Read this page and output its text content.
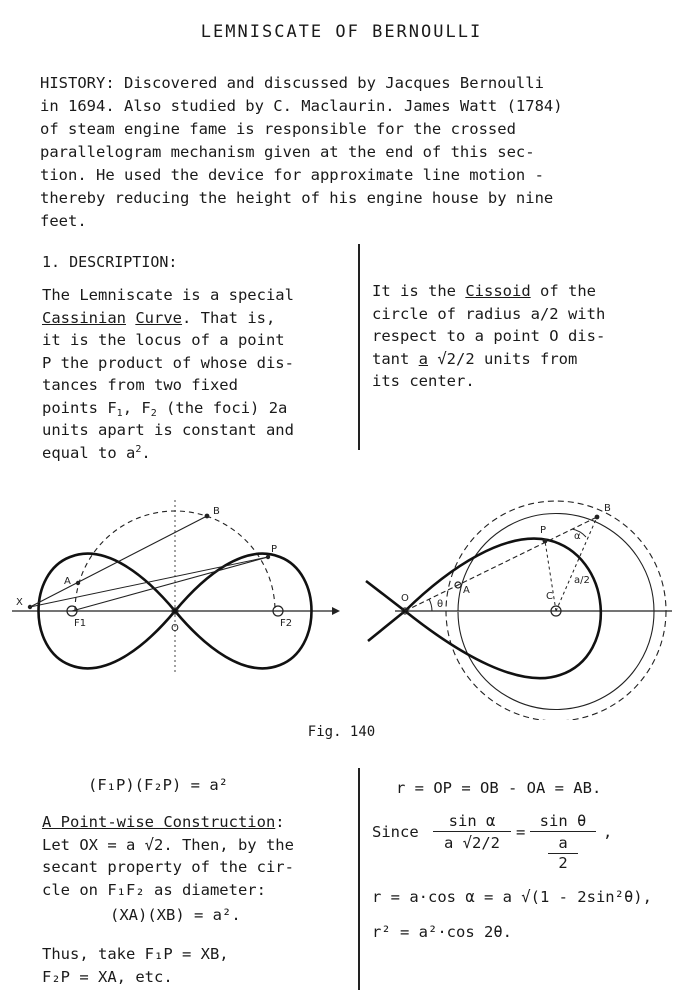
LEMNISCATE OF BERNOULLI
HISTORY: Discovered and discussed by Jacques Bernoulli
in 1694. Also studied by C. Maclaurin. James Watt (1784)
of steam engine fame is responsible for the crossed
parallelogram mechanism given at the end of this sec-
tion. He used the device for approximate line motion -
thereby reducing the height of his engine house by nine
feet.
1. DESCRIPTION:
The Lemniscate is a special
Cassinian Curve. That is,
it is the locus of a point
P the product of whose dis-
tances from two fixed
points $F_1$, $F_2$ (the foci) 2a
units apart is constant and
equal to $a^2$.
It is the Cissoid of the
circle of radius a/2 with
respect to a point O dis-
tant a √2/2 units from
its center.
X
B
A
P
O
F1	F2
O
θ
A
C
P
B
α
a/2
Fig. 140
(F₁P)(F₂P) = a²
A Point-wise Construction:
Let OX = a √2. Then, by the
secant property of the cir-
cle on F₁F₂ as diameter:
(XA)(XB) = a².
Thus, take F₁P = XB,
F₂P = XA, etc.
r = OP = OB - OA = AB.
Since $\frac{\text{sin α}}{a √2/2} = \sin \theta$
a
2 ,
r = a·cos α = a √(1 - 2sin²θ),
r² = a²·cos 2θ.
